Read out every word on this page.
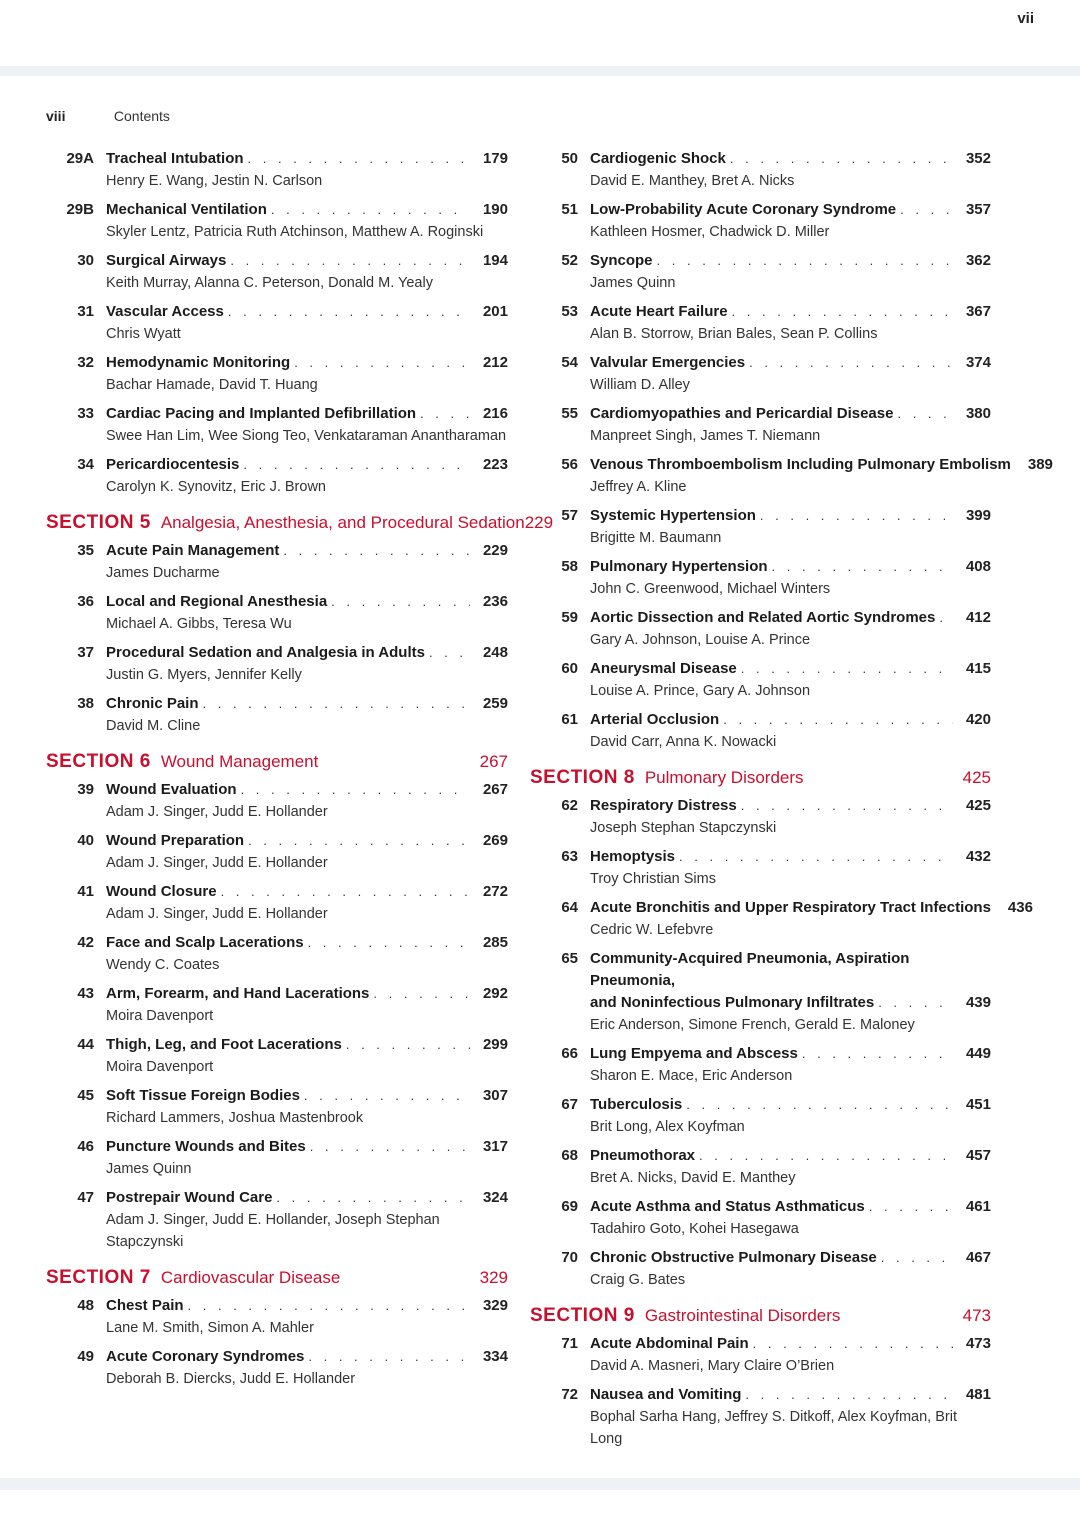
vii
viii	Contents
29A Tracheal Intubation . . .	179
Henry E. Wang, Jestin N. Carlson
29B Mechanical Ventilation . . .	190
Skyler Lentz, Patricia Ruth Atchinson, Matthew A. Roginski
30 Surgical Airways . . .	194
Keith Murray, Alanna C. Peterson, Donald M. Yealy
31 Vascular Access . . .	201
Chris Wyatt
32 Hemodynamic Monitoring . . .	212
Bachar Hamade, David T. Huang
33 Cardiac Pacing and Implanted Defibrillation . . .	216
Swee Han Lim, Wee Siong Teo, Venkataraman Anantharaman
34 Pericardiocentesis . . .	223
Carolyn K. Synovitz, Eric J. Brown
SECTION 5 Analgesia, Anesthesia, and Procedural Sedation 229
35 Acute Pain Management . . .	229
James Ducharme
36 Local and Regional Anesthesia . . .	236
Michael A. Gibbs, Teresa Wu
37 Procedural Sedation and Analgesia in Adults . . .	248
Justin G. Myers, Jennifer Kelly
38 Chronic Pain . . .	259
David M. Cline
SECTION 6 Wound Management	267
39 Wound Evaluation . . .	267
Adam J. Singer, Judd E. Hollander
40 Wound Preparation . . .	269
Adam J. Singer, Judd E. Hollander
41 Wound Closure . . .	272
Adam J. Singer, Judd E. Hollander
42 Face and Scalp Lacerations . . .	285
Wendy C. Coates
43 Arm, Forearm, and Hand Lacerations . . .	292
Moira Davenport
44 Thigh, Leg, and Foot Lacerations . . .	299
Moira Davenport
45 Soft Tissue Foreign Bodies . . .	307
Richard Lammers, Joshua Mastenbrook
46 Puncture Wounds and Bites . . .	317
James Quinn
47 Postrepair Wound Care . . .	324
Adam J. Singer, Judd E. Hollander, Joseph Stephan Stapczynski
SECTION 7 Cardiovascular Disease	329
48 Chest Pain . . .	329
Lane M. Smith, Simon A. Mahler
49 Acute Coronary Syndromes . . .	334
Deborah B. Diercks, Judd E. Hollander
50 Cardiogenic Shock . . .	352
David E. Manthey, Bret A. Nicks
51 Low-Probability Acute Coronary Syndrome . . .	357
Kathleen Hosmer, Chadwick D. Miller
52 Syncope . . .	362
James Quinn
53 Acute Heart Failure . . .	367
Alan B. Storrow, Brian Bales, Sean P. Collins
54 Valvular Emergencies . . .	374
William D. Alley
55 Cardiomyopathies and Pericardial Disease . . .	380
Manpreet Singh, James T. Niemann
56 Venous Thromboembolism Including Pulmonary Embolism	389
Jeffrey A. Kline
57 Systemic Hypertension . . .	399
Brigitte M. Baumann
58 Pulmonary Hypertension . . .	408
John C. Greenwood, Michael Winters
59 Aortic Dissection and Related Aortic Syndromes . . .	412
Gary A. Johnson, Louise A. Prince
60 Aneurysmal Disease . . .	415
Louise A. Prince, Gary A. Johnson
61 Arterial Occlusion . . .	420
David Carr, Anna K. Nowacki
SECTION 8 Pulmonary Disorders	425
62 Respiratory Distress . . .	425
Joseph Stephan Stapczynski
63 Hemoptysis . . .	432
Troy Christian Sims
64 Acute Bronchitis and Upper Respiratory Tract Infections	436
Cedric W. Lefebvre
65 Community-Acquired Pneumonia, Aspiration Pneumonia,
and Noninfectious Pulmonary Infiltrates . . .	439
Eric Anderson, Simone French, Gerald E. Maloney
66 Lung Empyema and Abscess . . .	449
Sharon E. Mace, Eric Anderson
67 Tuberculosis . . .	451
Brit Long, Alex Koyfman
68 Pneumothorax . . .	457
Bret A. Nicks, David E. Manthey
69 Acute Asthma and Status Asthmaticus . . .	461
Tadahiro Goto, Kohei Hasegawa
70 Chronic Obstructive Pulmonary Disease . . .	467
Craig G. Bates
SECTION 9 Gastrointestinal Disorders	473
71 Acute Abdominal Pain . . .	473
David A. Masneri, Mary Claire O’Brien
72 Nausea and Vomiting . . .	481
Bophal Sarha Hang, Jeffrey S. Ditkoff, Alex Koyfman, Brit Long
